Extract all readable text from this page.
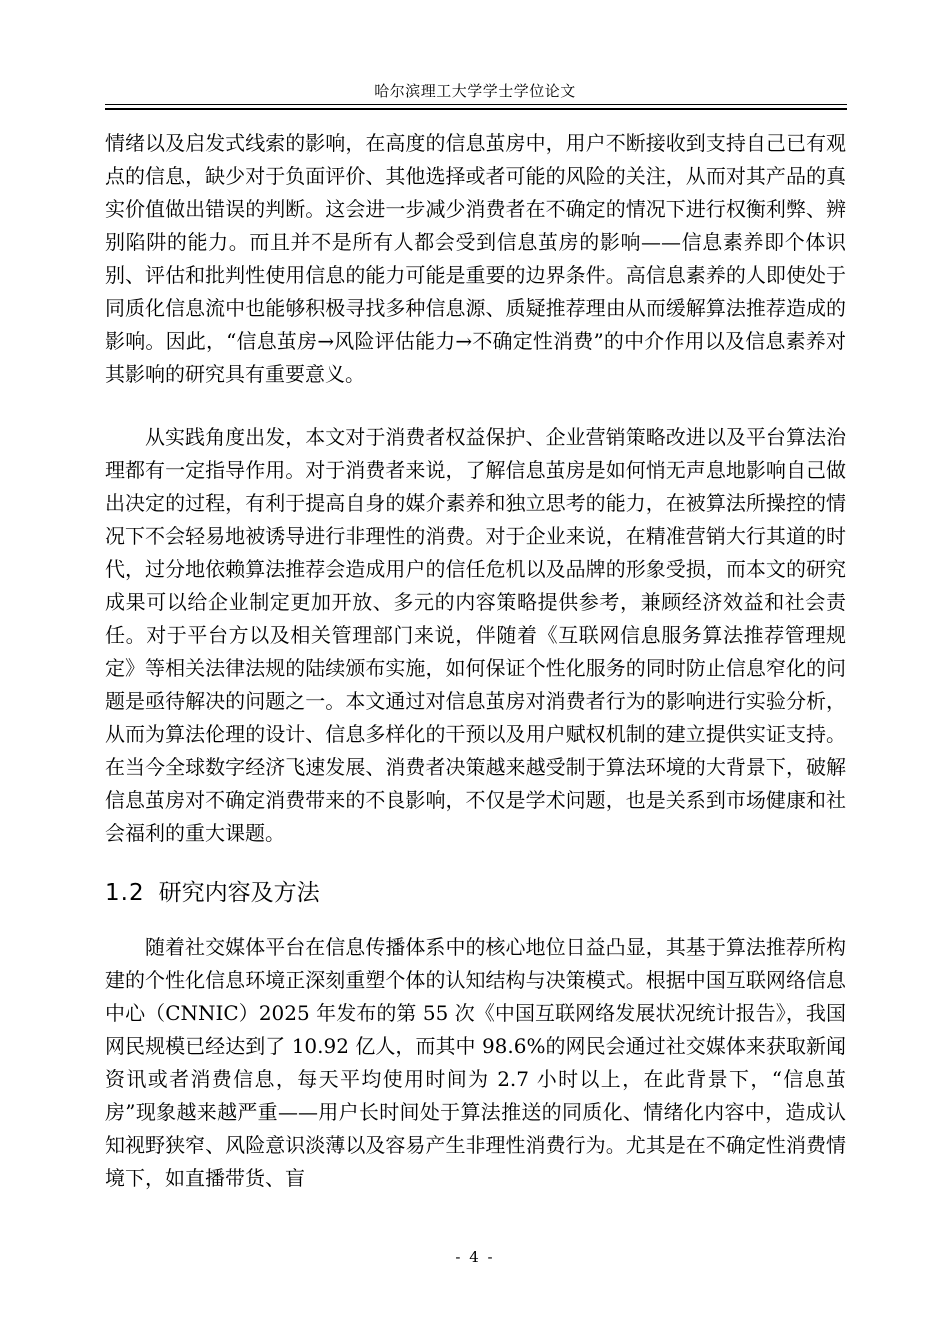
哈尔滨理工大学学士学位论文

情绪以及启发式线索的影响，在高度的信息茧房中，用户不断接收到支持自己已有观点的信息，缺少对于负面评价、其他选择或者可能的风险的关注，从而对其产品的真实价值做出错误的判断。这会进一步减少消费者在不确定的情况下进行权衡利弊、辨别陷阱的能力。而且并不是所有人都会受到信息茧房的影响——信息素养即个体识别、评估和批判性使用信息的能力可能是重要的边界条件。高信息素养的人即使处于同质化信息流中也能够积极寻找多种信息源、质疑推荐理由从而缓解算法推荐造成的影响。因此，“信息茧房→风险评估能力→不确定性消费”的中介作用以及信息素养对其影响的研究具有重要意义。

从实践角度出发，本文对于消费者权益保护、企业营销策略改进以及平台算法治理都有一定指导作用。对于消费者来说，了解信息茧房是如何悄无声息地影响自己做出决定的过程，有利于提高自身的媒介素养和独立思考的能力，在被算法所操控的情况下不会轻易地被诱导进行非理性的消费。对于企业来说，在精准营销大行其道的时代，过分地依赖算法推荐会造成用户的信任危机以及品牌的形象受损，而本文的研究成果可以给企业制定更加开放、多元的内容策略提供参考，兼顾经济效益和社会责任。对于平台方以及相关管理部门来说，伴随着《互联网信息服务算法推荐管理规定》等相关法律法规的陆续颁布实施，如何保证个性化服务的同时防止信息窄化的问题是亟待解决的问题之一。本文通过对信息茧房对消费者行为的影响进行实验分析，从而为算法伦理的设计、信息多样化的干预以及用户赋权机制的建立提供实证支持。在当今全球数字经济飞速发展、消费者决策越来越受制于算法环境的大背景下，破解信息茧房对不确定消费带来的不良影响，不仅是学术问题，也是关系到市场健康和社会福利的重大课题。

1.2 研究内容及方法

随着社交媒体平台在信息传播体系中的核心地位日益凸显，其基于算法推荐所构建的个性化信息环境正深刻重塑个体的认知结构与决策模式。根据中国互联网络信息中心（CNNIC）2025 年发布的第 55 次《中国互联网络发展状况统计报告》，我国网民规模已经达到了 10.92 亿人，而其中 98.6%的网民会通过社交媒体来获取新闻资讯或者消费信息，每天平均使用时间为 2.7 小时以上，在此背景下，“信息茧房”现象越来越严重——用户长时间处于算法推送的同质化、情绪化内容中，造成认知视野狭窄、风险意识淡薄以及容易产生非理性消费行为。尤其是在不确定性消费情境下，如直播带货、盲

- 4 -
